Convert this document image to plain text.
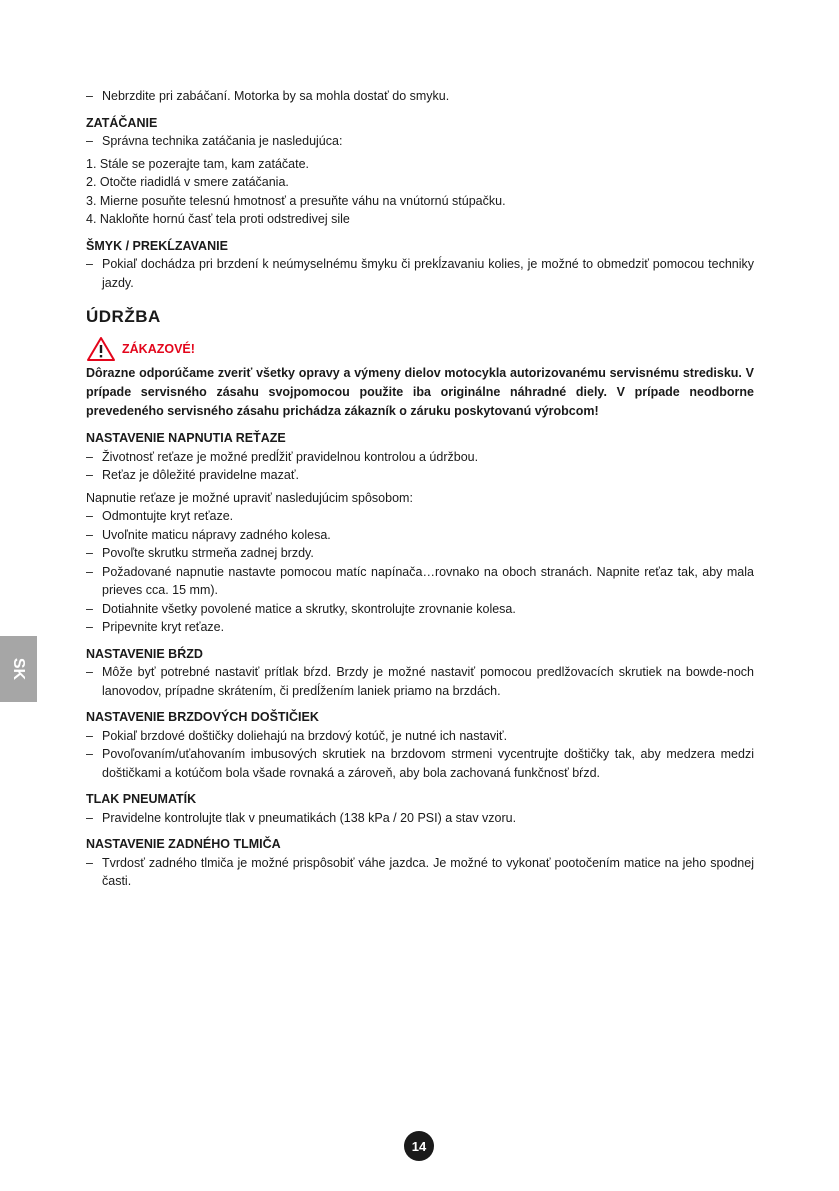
– Nebrzdite pri zabáčaní. Motorka by sa mohla dostať do smyku.
ZATÁČANIE
– Správna technika zatáčania je nasledujúca:
1. Stále se pozerajte tam, kam zatáčate.
2. Otočte riadidlá v smere zatáčania.
3. Mierne posuňte telesnú hmotnosť a presuňte váhu na vnútornú stúpačku.
4. Nakloňte hornú časť tela proti odstredivej sile
ŠMYK / PREKĹZAVANIE
– Pokiaľ dochádza pri brzdení k neúmyselnému šmyku či prekĺzavaniu kolies, je možné to obmedziť pomocou techniky jazdy.
ÚDRŽBA
ZÁKAZOVÉ!
Dôrazne odporúčame zveriť všetky opravy a výmeny dielov motocykla autorizovanému servisnému stredisku. V prípade servisného zásahu svojpomocou použite iba originálne náhradné diely. V prípade neodborne prevedeného servisného zásahu prichádza zákazník o záruku poskytovanú výrobcom!
NASTAVENIE NAPNUTIA REŤAZE
– Životnosť reťaze je možné predĺžiť pravidelnou kontrolou a údržbou.
– Reťaz je dôležité pravidelne mazať.
Napnutie reťaze je možné upraviť nasledujúcim spôsobom:
– Odmontujte kryt reťaze.
– Uvoľnite maticu nápravy zadného kolesa.
– Povoľte skrutku strmeňa zadnej brzdy.
– Požadované napnutie nastavte pomocou matíc napínača…rovnako na oboch stranách. Napnite reťaz tak, aby mala prieves cca. 15 mm).
– Dotiahnite všetky povolené matice a skrutky, skontrolujte zrovnanie kolesa.
– Pripevnite kryt reťaze.
NASTAVENIE BŔZD
– Môže byť potrebné nastaviť prítlak bŕzd. Brzdy je možné nastaviť pomocou predlžovacích skrutiek na bowde-noch lanovodov, prípadne skrátením, či predĺžením laniek priamo na brzdách.
NASTAVENIE BRZDOVÝCH DOŠTIČIEK
– Pokiaľ brzdové doštičky doliehajú na brzdový kotúč, je nutné ich nastaviť.
– Povoľovaním/uťahovaním imbusových skrutiek na brzdovom strmeni vycentrujte doštičky tak, aby medzera medzi doštičkami a kotúčom bola všade rovnaká a zároveň, aby bola zachovaná funkčnosť bŕzd.
TLAK PNEUMATÍK
– Pravidelne kontrolujte tlak v pneumatikách (138 kPa / 20 PSI) a stav vzoru.
NASTAVENIE ZADNÉHO TLMIČA
– Tvrdosť zadného tlmiča je možné prispôsobiť váhe jazdca. Je možné to vykonať pootočením matice na jeho spodnej časti.
SK
14
